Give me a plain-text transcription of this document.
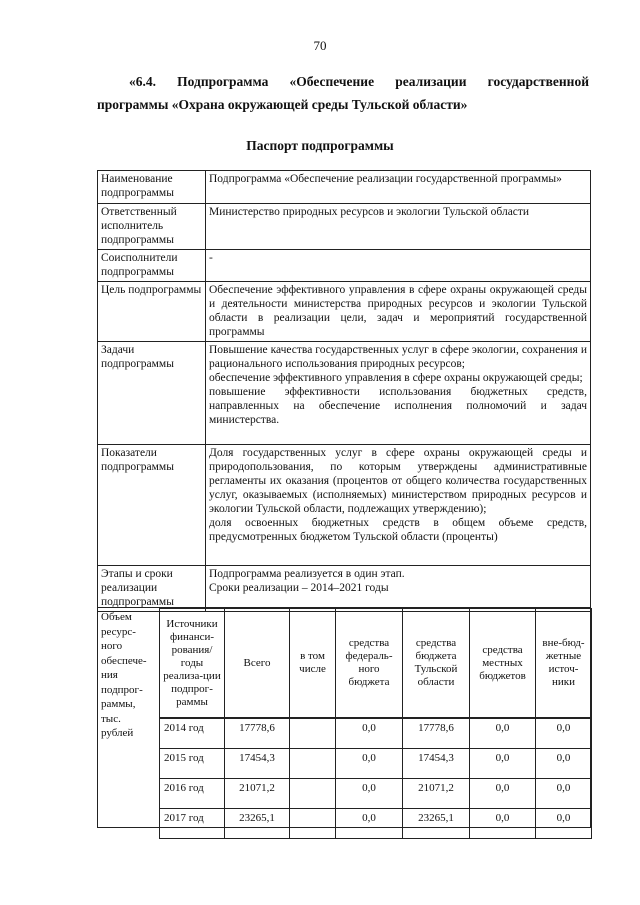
70
«6.4. Подпрограмма «Обеспечение реализации государственной
программы «Охрана окружающей среды Тульской области»
Паспорт подпрограммы
Наименование подпрограммы	Подпрограмма «Обеспечение реализации государственной программы»
Ответственный исполнитель подпрограммы	Министерство природных ресурсов и экологии Тульской области
Соисполнители подпрограммы	-
Цель подпрограммы	Обеспечение эффективного управления в сфере охраны окружающей среды и деятельности министерства природных ресурсов и экологии Тульской области в реализации цели, задач и мероприятий государственной программы
Задачи подпрограммы	Повышение качества государственных услуг в сфере экологии, сохранения и рационального использования природных ресурсов;
обеспечение эффективного управления в сфере охраны окружающей среды;
повышение эффективности использования бюджетных средств, направленных на обеспечение исполнения полномочий и задач министерства.

Показатели подпрограммы	Доля государственных услуг в сфере охраны окружающей среды и природопользования, по которым утверждены административные регламенты их оказания (процентов от общего количества государственных услуг, оказываемых (исполняемых) министерством природных ресурсов и экологии Тульской области, подлежащих утверждению);
доля освоенных бюджетных средств в общем объеме средств, предусмотренных бюджетом Тульской области (проценты)

Этапы и сроки реализации подпрограммы	Подпрограмма реализуется в один этап.
Сроки реализации – 2014–2021 годы
Объем ресурс-ного обеспече-ния подпрог-раммы, тыс. рублей
Источники финанси-рования/ годы реализа-ции подпрог-раммы	Всего	в том числе	средства федераль-ного бюджета	средства бюджета Тульской области	средства местных бюджетов	вне-бюд-жетные источ-ники
2014 год	17778,6		0,0	17778,6	0,0	0,0
2015 год	17454,3		0,0	17454,3	0,0	0,0
2016 год	21071,2		0,0	21071,2	0,0	0,0
2017 год	23265,1		0,0	23265,1	0,0	0,0
